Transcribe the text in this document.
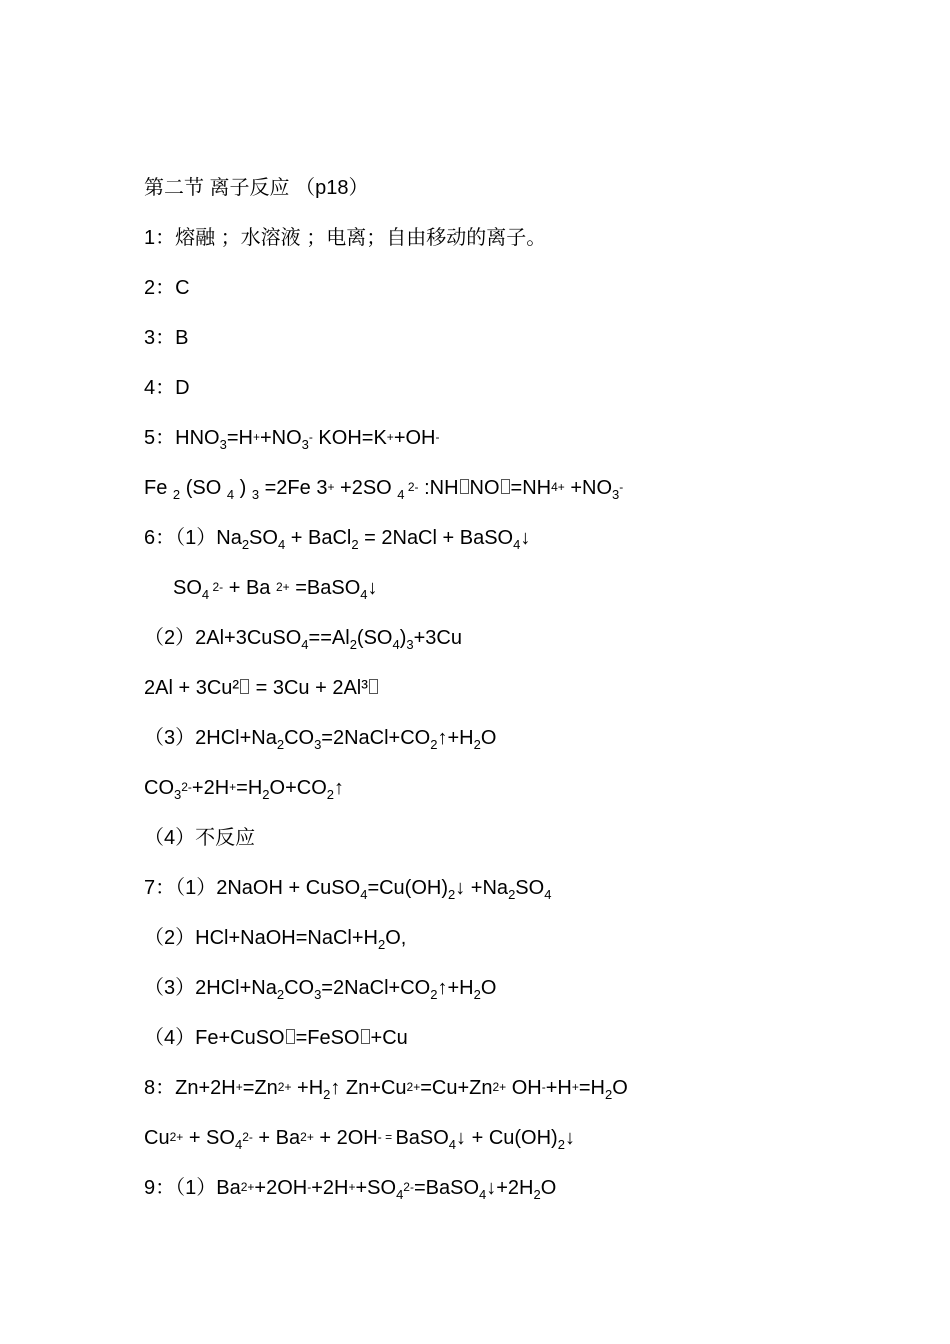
第二节 离子反应 （p18）
1：熔融 ；水溶液 ；电离；自由移动的离子。
2：C
3：B
4：D
5：$HNO_3=H^++NO_3^-$ KOH=K++OH-
Fe $_2$ (SO $_4$ ) $_3$ =2Fe 3+ +2SO $_4$ $^{2-}$ :NH NO $=NH^{4+} +NO_3^-$
6：$(1)Na_2SO_4$ + BaCl$_2$ = 2NaCl + BaSO$_4$↓
$SO_4$ $^{2-}$ + Ba $^{2+}$ =BaSO$_4$↓
$(2)2Al+3CuSO_4==Al_2(SO_4)_3+3Cu$
2Al + 3Cu² = 3Cu + 2Al³
$(3)2HCl+Na_2CO_3=2NaCl+CO_2↑+H_2O$
$CO_3^{2-}+2H^+=H_2O+CO_2↑$
（4）不反应
7：（1）2NaOH + $CuSO_4=Cu(OH)_2↓ +Na_2SO_4$
$(2)HCl+NaOH=NaCl+H_2O$,
$(3)2HCl+Na_2CO_3=2NaCl+CO_2↑+H_2O$
（4）Fe+CuSO =FeSO +Cu
8：$Zn+2H^+=Zn^{2+}$ $+H_2↑$ $Zn+Cu^{2+}=Cu+Zn^{2+}$ $OH^-+H^+=H_2O$
$Cu^{2+} + SO_4^{2-} + Ba^{2+} + 2OH^-$ = BaSO$_4$↓ + $Cu(OH)_2↓$
9：$(1)Ba^{2+}+2OH^-+2H^++SO_4^{2-}=BaSO_4↓+2H_2O$
